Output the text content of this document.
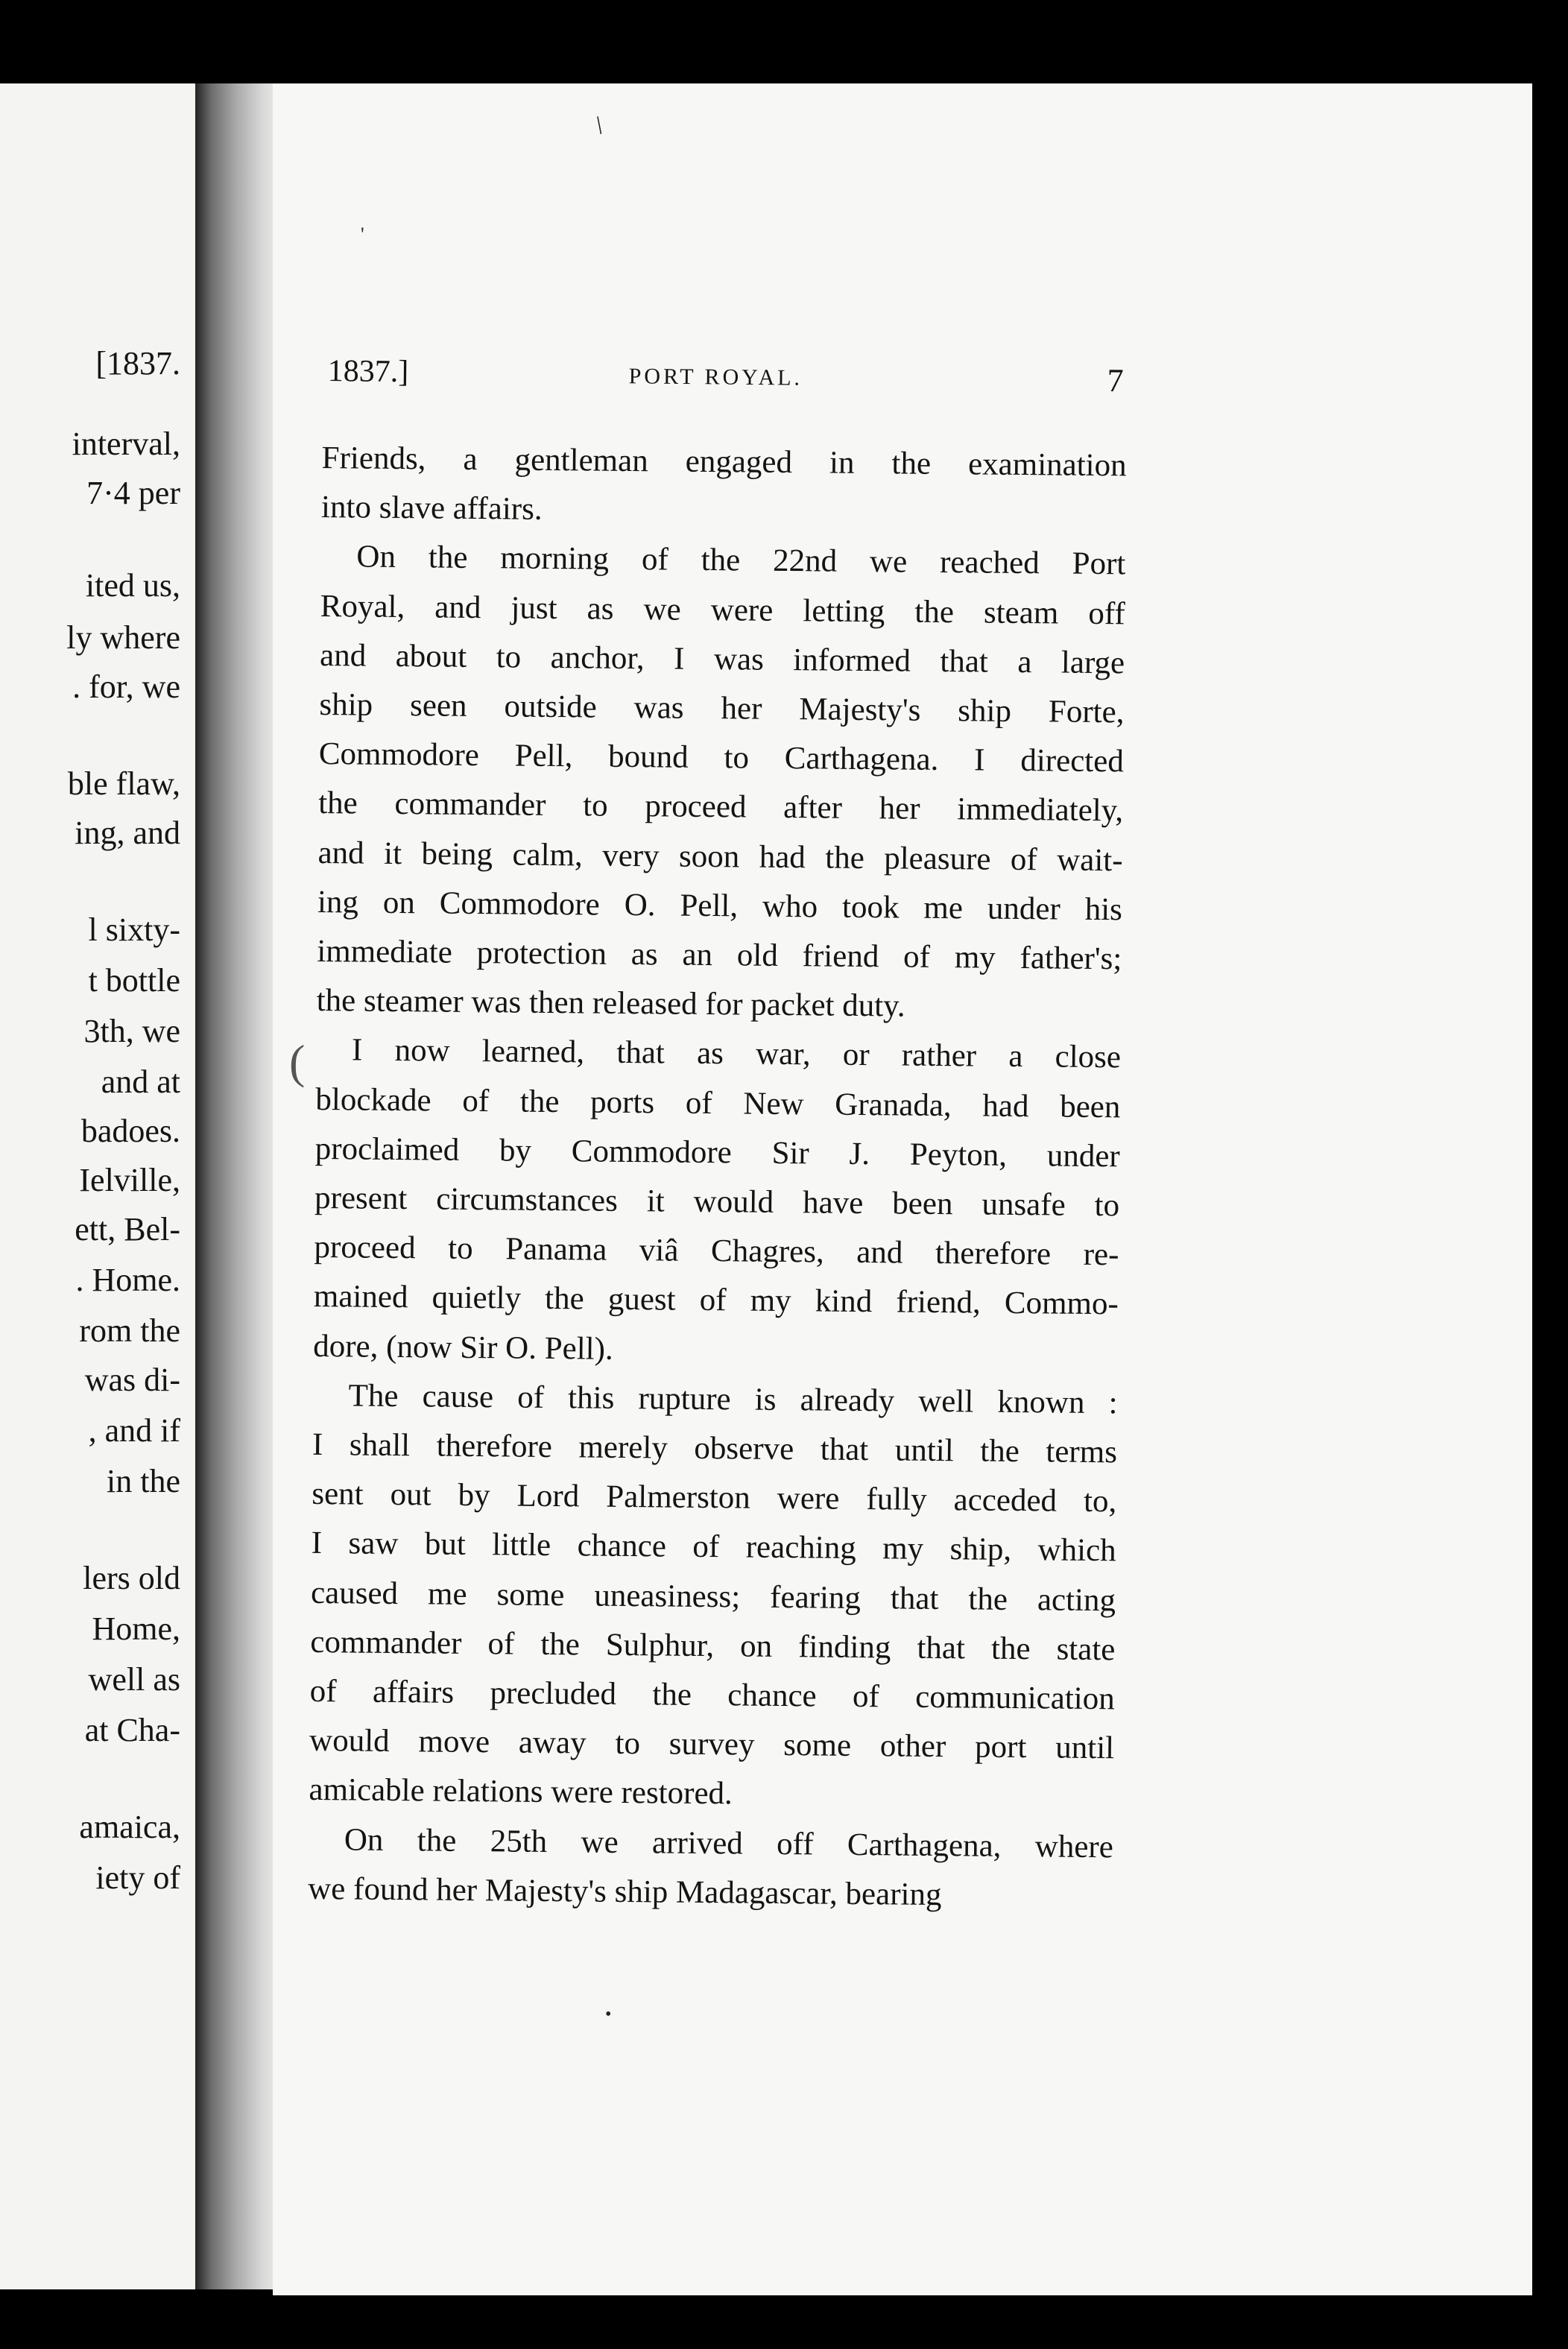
[1837.
interval,
7·4 per
ited us,
ly where
. for, we
ble flaw,
ing, and
l sixty-
t bottle
3th, we
and at
badoes.
Ielville,
ett, Bel-
. Home.
rom the
was di-
, and if
in the
lers old
Home,
well as
at Cha-
amaica,
iety of
1837.]	PORT ROYAL.	7
Friends, a gentleman engaged in the examination
into slave affairs.
On the morning of the 22nd we reached Port
Royal, and just as we were letting the steam off
and about to anchor, I was informed that a large
ship seen outside was her Majesty's ship Forte,
Commodore Pell, bound to Carthagena. I directed
the commander to proceed after her immediately,
and it being calm, very soon had the pleasure of wait-
ing on Commodore O. Pell, who took me under his
immediate protection as an old friend of my father's;
the steamer was then released for packet duty.
I now learned, that as war, or rather a close
blockade of the ports of New Granada, had been
proclaimed by Commodore Sir J. Peyton, under
present circumstances it would have been unsafe to
proceed to Panama viâ Chagres, and therefore re-
mained quietly the guest of my kind friend, Commo-
dore, (now Sir O. Pell).
The cause of this rupture is already well known :
I shall therefore merely observe that until the terms
sent out by Lord Palmerston were fully acceded to,
I saw but little chance of reaching my ship, which
caused me some uneasiness; fearing that the acting
commander of the Sulphur, on finding that the state
of affairs precluded the chance of communication
would move away to survey some other port until
amicable relations were restored.
On the 25th we arrived off Carthagena, where
we found her Majesty's ship Madagascar, bearing
/
'
•
(
